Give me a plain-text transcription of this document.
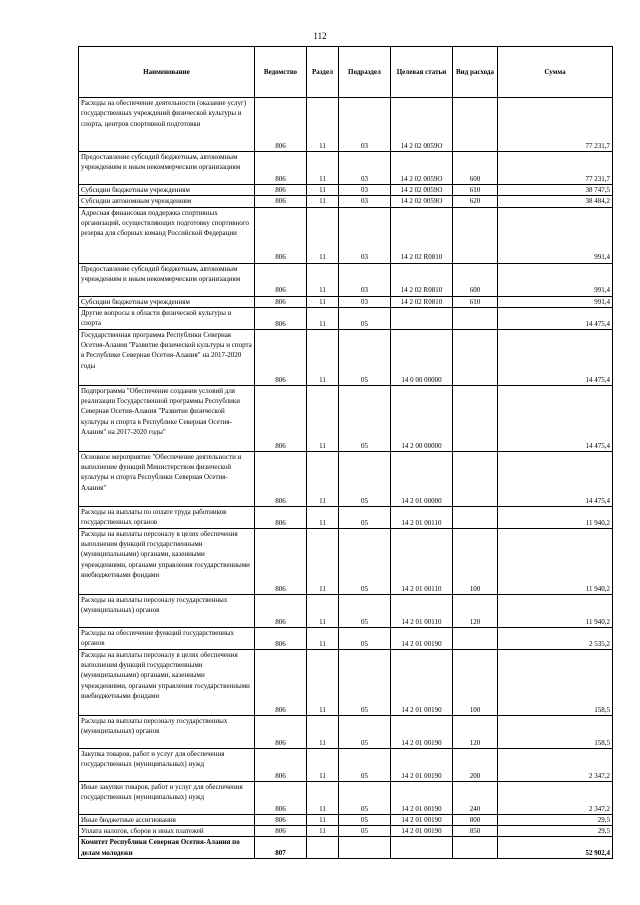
112
Наименование	Ведомство	Раздел	Подраздел	Целевая статьи	Вид расхода	Сумма
Расходы на обеспечение деятельности (оказание услуг) государственных учреждений физической культуры и спорта, центров спортивной подготовки	806	11	03	14 2 02 0059О		77 231,7
Предоставление субсидий бюджетным, автономным учреждениям и иным некоммерческим организациям	806	11	03	14 2 02 0059О	600	77 231,7
Субсидии бюджетным учреждениям	806	11	03	14 2 02 0059О	610	38 747,5
Субсидии автономным учреждениям	806	11	03	14 2 02 0059О	620	38 484,2
Адресная финансовая поддержка спортивных организаций, осуществляющих подготовку спортивного резерва для сборных команд Российской Федерации	806	11	03	14 2 02 R0810		991,4
Предоставление субсидий бюджетным, автономным учреждениям и иным некоммерческим организациям	806	11	03	14 2 02 R0810	600	991,4
Субсидии бюджетным учреждениям	806	11	03	14 2 02 R0810	610	991,4
Другие вопросы в области физической культуры и спорта	806	11	05			14 475,4
Государственная программа Республики Северная Осетия-Алания "Развитие физической культуры и спорта в Республике Северная Осетия-Алания" на 2017-2020 годы	806	11	05	14 0 00 00000		14 475,4
Подпрограмма "Обеспечение создания условий для реализации Государственной программы Республики Северная Осетия-Алания "Развитие физической культуры и спорта в Республике Северная Осетия-Алания" на 2017-2020 годы"	806	11	05	14 2 00 00000		14 475,4
Основное мероприятие "Обеспечение деятельности и выполнение функций Министерством физической культуры и спорта Республики Северная Осетия-Алания"	806	11	05	14 2 01 00000		14 475,4
Расходы на выплаты по оплате труда работников государственных органов	806	11	05	14 2 01 00110		11 940,2
Расходы на выплаты персоналу в целях обеспечения выполнения функций государственными (муниципальными) органами, казенными учреждениями, органами управления государственными внебюджетными фондами	806	11	05	14 2 01 00110	100	11 940,2
Расходы на выплаты персоналу государственных (муниципальных) органов	806	11	05	14 2 01 00110	120	11 940,2
Расходы на обеспечение функций государственных органов	806	11	05	14 2 01 00190		2 535,2
Расходы на выплаты персоналу в целях обеспечения выполнения функций государственными (муниципальными) органами, казенными учреждениями, органами управления государственными внебюджетными фондами	806	11	05	14 2 01 00190	100	158,5
Расходы на выплаты персоналу государственных (муниципальных) органов	806	11	05	14 2 01 00190	120	158,5
Закупка товаров, работ и услуг для обеспечения государственных (муниципальных) нужд	806	11	05	14 2 01 00190	200	2 347,2
Иные закупки товаров, работ и услуг для обеспечения государственных (муниципальных) нужд	806	11	05	14 2 01 00190	240	2 347,2
Иные бюджетные ассигнования	806	11	05	14 2 01 00190	800	29,5
Уплата налогов, сборов и иных платежей	806	11	05	14 2 01 00190	850	29,5
Комитет Республики Северная Осетия-Алания по делам молодежи	807					52 902,4
